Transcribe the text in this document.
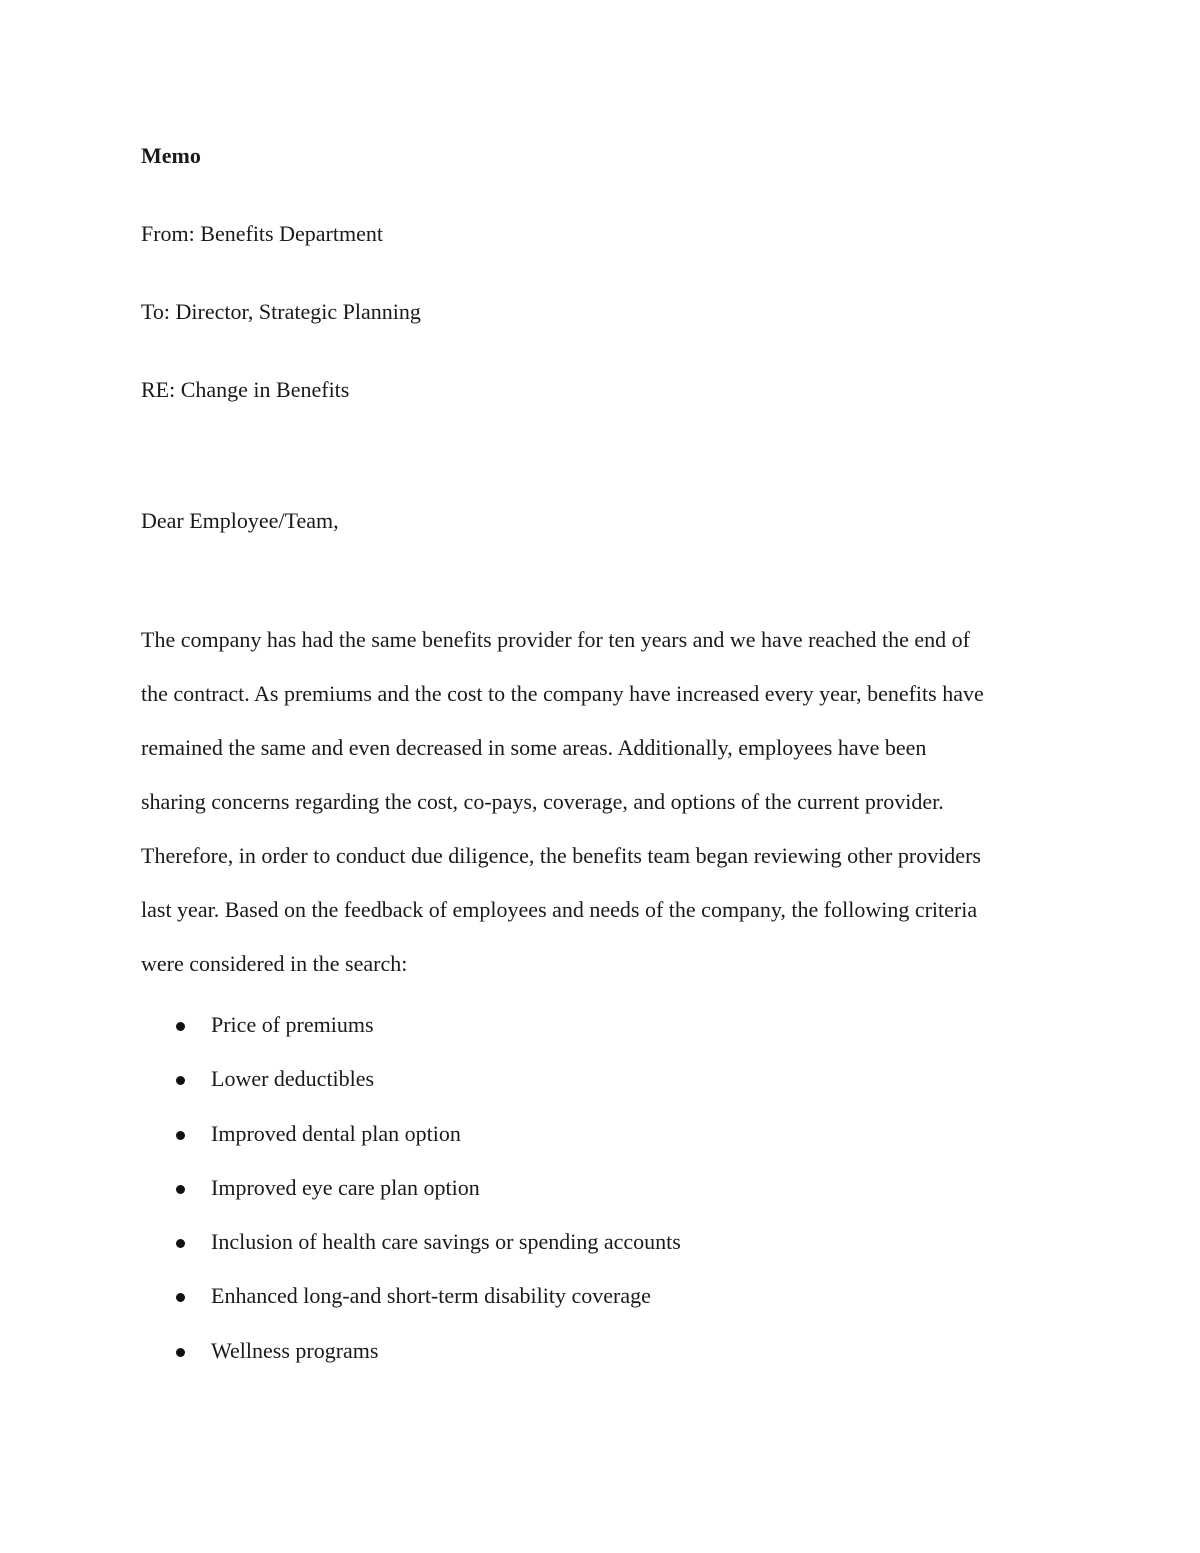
Memo
From: Benefits Department
To: Director, Strategic Planning
RE: Change in Benefits
Dear Employee/Team,

The company has had the same benefits provider for ten years and we have reached the end of
the contract. As premiums and the cost to the company have increased every year, benefits have
remained the same and even decreased in some areas. Additionally, employees have been
sharing concerns regarding the cost, co-pays, coverage, and options of the current provider.
Therefore, in order to conduct due diligence, the benefits team began reviewing other providers
last year. Based on the feedback of employees and needs of the company, the following criteria
were considered in the search:

Price of premiums
Lower deductibles
Improved dental plan option
Improved eye care plan option
Inclusion of health care savings or spending accounts
Enhanced long-and short-term disability coverage
Wellness programs
